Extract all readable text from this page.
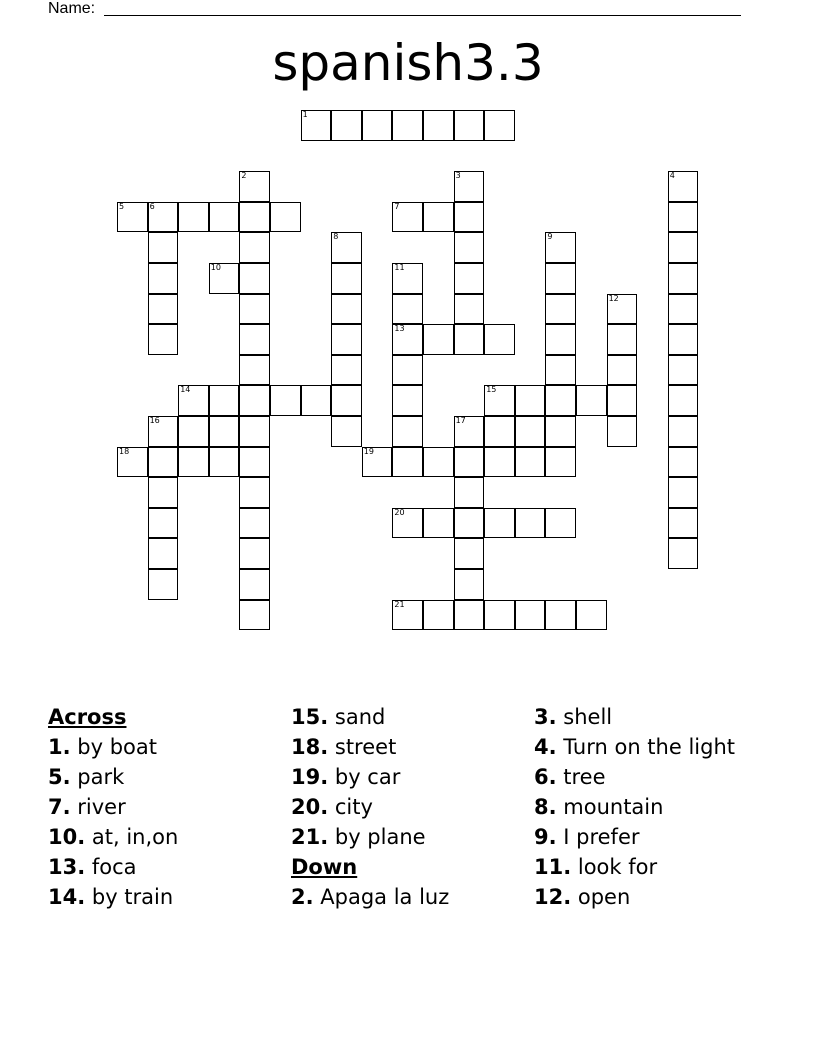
Name:
spanish3.3
1
2	3	4
5	6	7
8	9
10	11
13
12
14	15
16	17
18	19
20
21
Across
1. by boat
5. park
7. river
10. at, in,on
13. foca
14. by train
15. sand
18. street
19. by car
20. city
21. by plane
Down
2. Apaga la luz
3. shell
4. Turn on the light
6. tree
8. mountain
9. I prefer
11. look for
12. open
